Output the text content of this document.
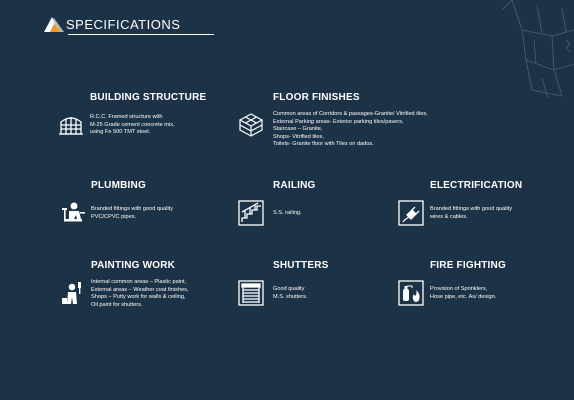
SPECIFICATIONS
BUILDING STRUCTURE
R.C.C. Framed structure with
M-25 Grade cement concrete mix,
using Fe 500 TMT steel.
FLOOR FINISHES
Common areas of Corridors & passages-Granite/ Vitrified tiles,
External Parking areas- Exterior parking tiles/pavers,
Staircase – Granite,
Shops- Vitrified tiles,
Toilets- Granite floor with Tiles on dados.
PLUMBING
Branded fittings with good quality
PVC/CPVC pipes.
RAILING
S.S. railing.
ELECTRIFICATION
Branded fittings with good quality
wires & cables.
PAINTING WORK
Internal common areas – Plastic paint,
External areas – Weather coat finishes,
Shops – Putty work for walls & ceiling,
Oil paint for shutters.
SHUTTERS
Good quality
M.S. shutters.
FIRE FIGHTING
Provision of Sprinklers,
Hose pipe, etc. As/ design.
